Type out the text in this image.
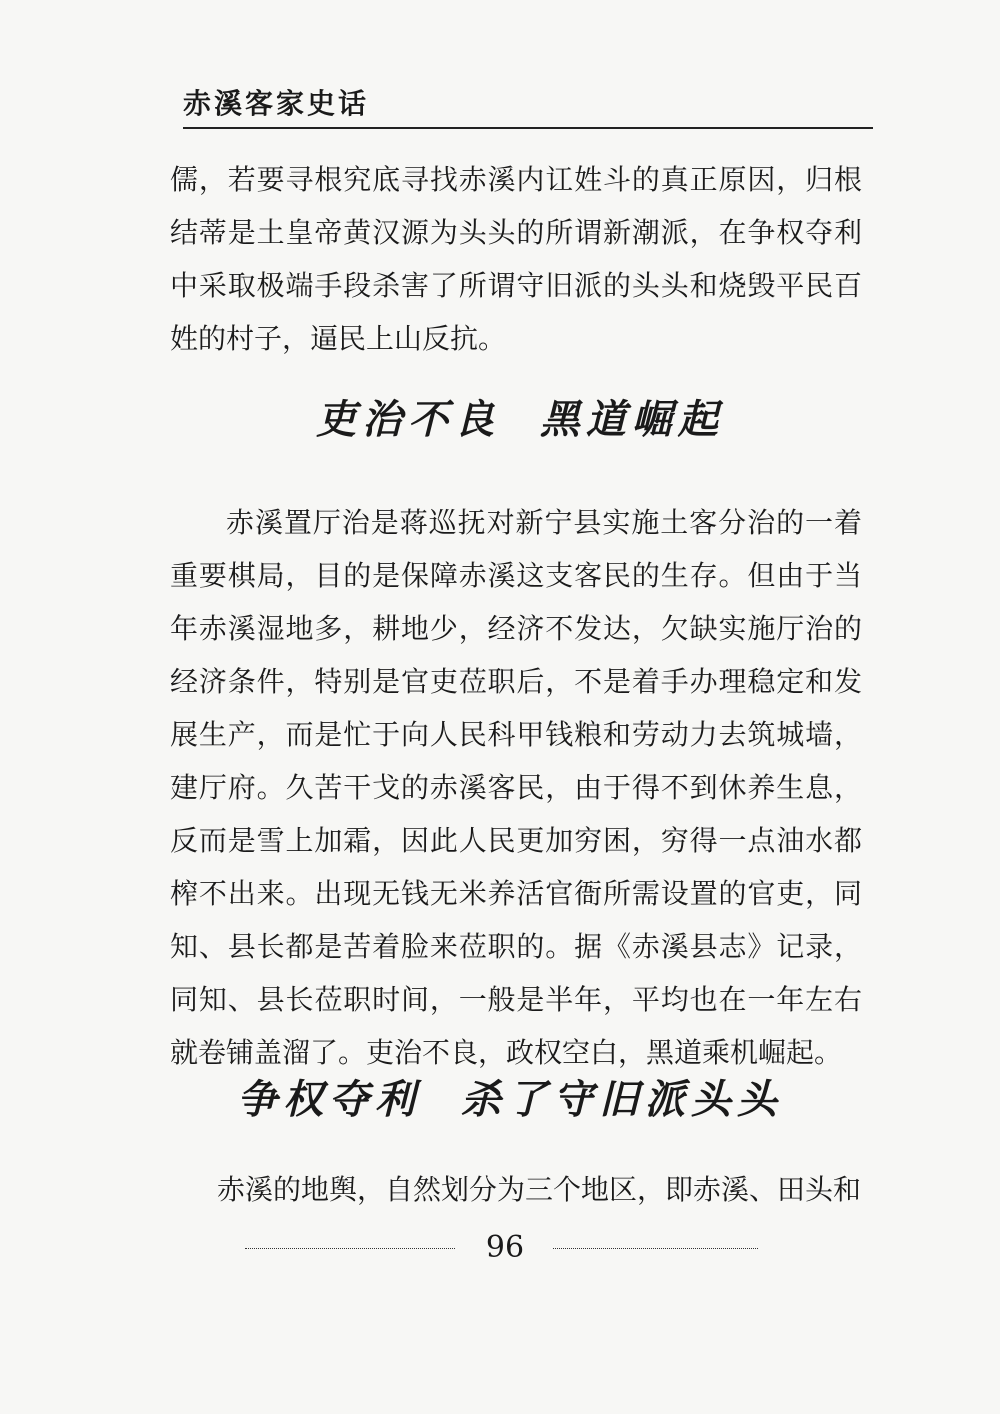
赤溪客家史话

儒，若要寻根究底寻找赤溪内讧姓斗的真正原因，归根结蒂是土皇帝黄汉源为头头的所谓新潮派，在争权夺利中采取极端手段杀害了所谓守旧派的头头和烧毁平民百姓的村子，逼民上山反抗。

吏治不良  黑道崛起

赤溪置厅治是蒋巡抚对新宁县实施土客分治的一着重要棋局，目的是保障赤溪这支客民的生存。但由于当年赤溪湿地多，耕地少，经济不发达，欠缺实施厅治的经济条件，特别是官吏莅职后，不是着手办理稳定和发展生产，而是忙于向人民科甲钱粮和劳动力去筑城墙，建厅府。久苦干戈的赤溪客民，由于得不到休养生息，反而是雪上加霜，因此人民更加穷困，穷得一点油水都榨不出来。出现无钱无米养活官衙所需设置的官吏，同知、县长都是苦着脸来莅职的。据《赤溪县志》记录，同知、县长莅职时间，一般是半年，平均也在一年左右就卷铺盖溜了。吏治不良，政权空白，黑道乘机崛起。

争权夺利  杀了守旧派头头

赤溪的地舆，自然划分为三个地区，即赤溪、田头和

96
